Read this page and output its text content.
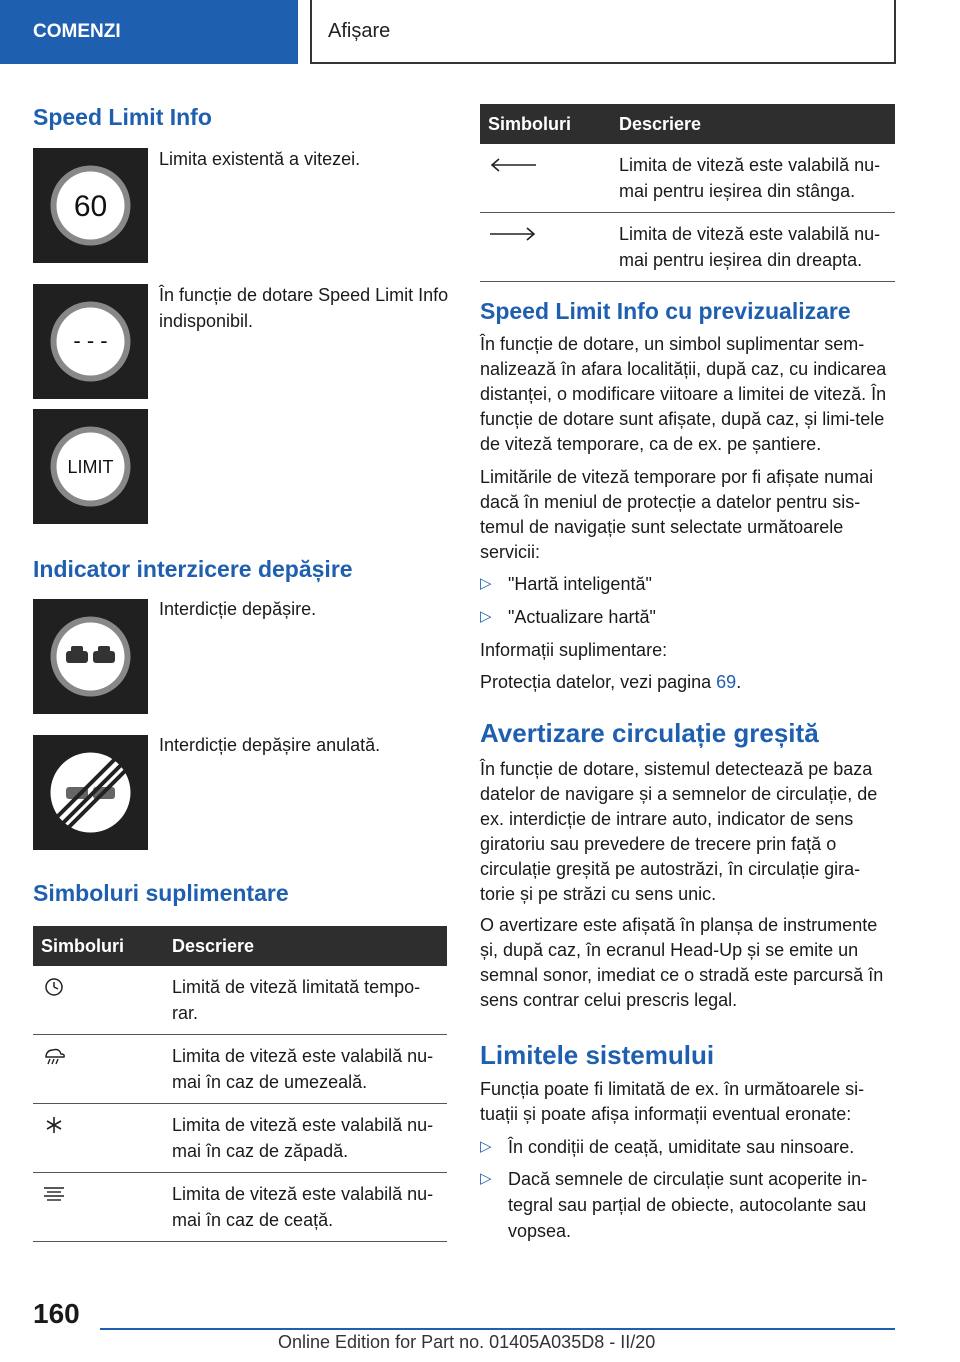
COMENZI	Afișare
Speed Limit Info
60

Limita existentă a vitezei.

- - -

În funcție de dotare Speed Limit Info indisponibil.

LIMIT
Indicator interzicere depășire

Interdicție depășire.

Interdicție depășire anulată.

Simboluri suplimentare
Simboluri	Descriere
	Limită de viteză limitată tempo-rar.
	Limita de viteză este valabilă nu-mai în caz de umezeală.
	Limita de viteză este valabilă nu-mai în caz de zăpadă.
	Limita de viteză este valabilă nu-mai în caz de ceață.
Simboluri	Descriere
	Limita de viteză este valabilă nu-mai pentru ieșirea din stânga.
	Limita de viteză este valabilă nu-mai pentru ieșirea din dreapta.
Speed Limit Info cu previzualizare

În funcție de dotare, un simbol suplimentar sem-nalizează în afara localității, după caz, cu indicarea distanței, o modificare viitoare a limitei de viteză. În funcție de dotare sunt afișate, după caz, și limi-tele de viteză temporare, ca de ex. pe șantiere.

Limitările de viteză temporare por fi afișate numai dacă în meniul de protecție a datelor pentru sis-temul de navigație sunt selectate următoarele servicii:

▷ "Hartă inteligentă"
▷ "Actualizare hartă"

Informații suplimentare:

Protecția datelor, vezi pagina 69.

Avertizare circulație greșită

În funcție de dotare, sistemul detectează pe baza datelor de navigare și a semnelor de circulație, de ex. interdicție de intrare auto, indicator de sens giratoriu sau prevedere de trecere prin față o circulație greșită pe autostrăzi, în circulație gira-torie și pe străzi cu sens unic.

O avertizare este afișată în planșa de instrumente și, după caz, în ecranul Head-Up și se emite un semnal sonor, imediat ce o stradă este parcursă în sens contrar celui prescris legal.

Limitele sistemului

Funcția poate fi limitată de ex. în următoarele si-tuații și poate afișa informații eventual eronate:

▷ În condiții de ceață, umiditate sau ninsoare.
▷ Dacă semnele de circulație sunt acoperite in-tegral sau parțial de obiecte, autocolante sau vopsea.
160
Online Edition for Part no. 01405A035D8 - II/20
